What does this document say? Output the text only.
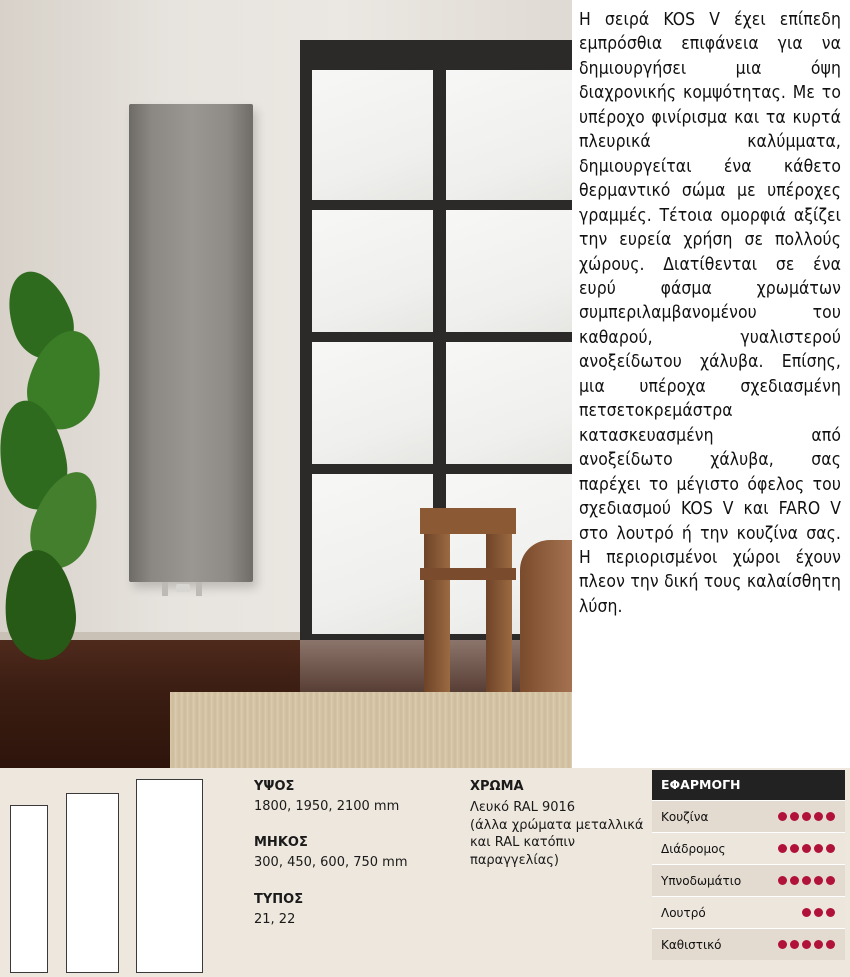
Η σειρά KOS V έχει επίπεδη εμπρόσθια επιφάνεια για να δημιουργήσει μια όψη διαχρονικής κομψότητας. Με το υπέροχο φινίρισμα και τα κυρτά πλευρικά καλύμματα, δημιουργείται ένα κάθετο θερμαντικό σώμα με υπέροχες γραμμές. Τέτοια ομορφιά αξίζει την ευρεία χρήση σε πολλούς χώρους. Διατίθενται σε ένα ευρύ φάσμα χρωμάτων συμπεριλαμβανομένου του καθαρού, γυαλιστερού ανοξείδωτου χάλυβα. Επίσης, μια υπέροχα σχεδιασμένη πετσετοκρεμάστρα κατασκευασμένη από ανοξείδωτο χάλυβα, σας παρέχει το μέγιστο όφελος του σχεδιασμού KOS V και FARO V στο λουτρό ή την κουζίνα σας. Η περιορισμένοι χώροι έχουν πλεον την δική τους καλαίσθητη λύση.

ΥΨΟΣ

1800, 1950, 2100 mm

ΜΗΚΟΣ

300, 450, 600, 750 mm

ΤΥΠΟΣ

21, 22

ΧΡΩΜΑ

Λευκό RAL 9016
(άλλα χρώματα μεταλλικά
και RAL κατόπιν
παραγγελίας)
ΕΦΑΡΜΟΓΗ
Κουζίνα
Διάδρομος
Υπνοδωμάτιο
Λουτρό
Καθιστικό
